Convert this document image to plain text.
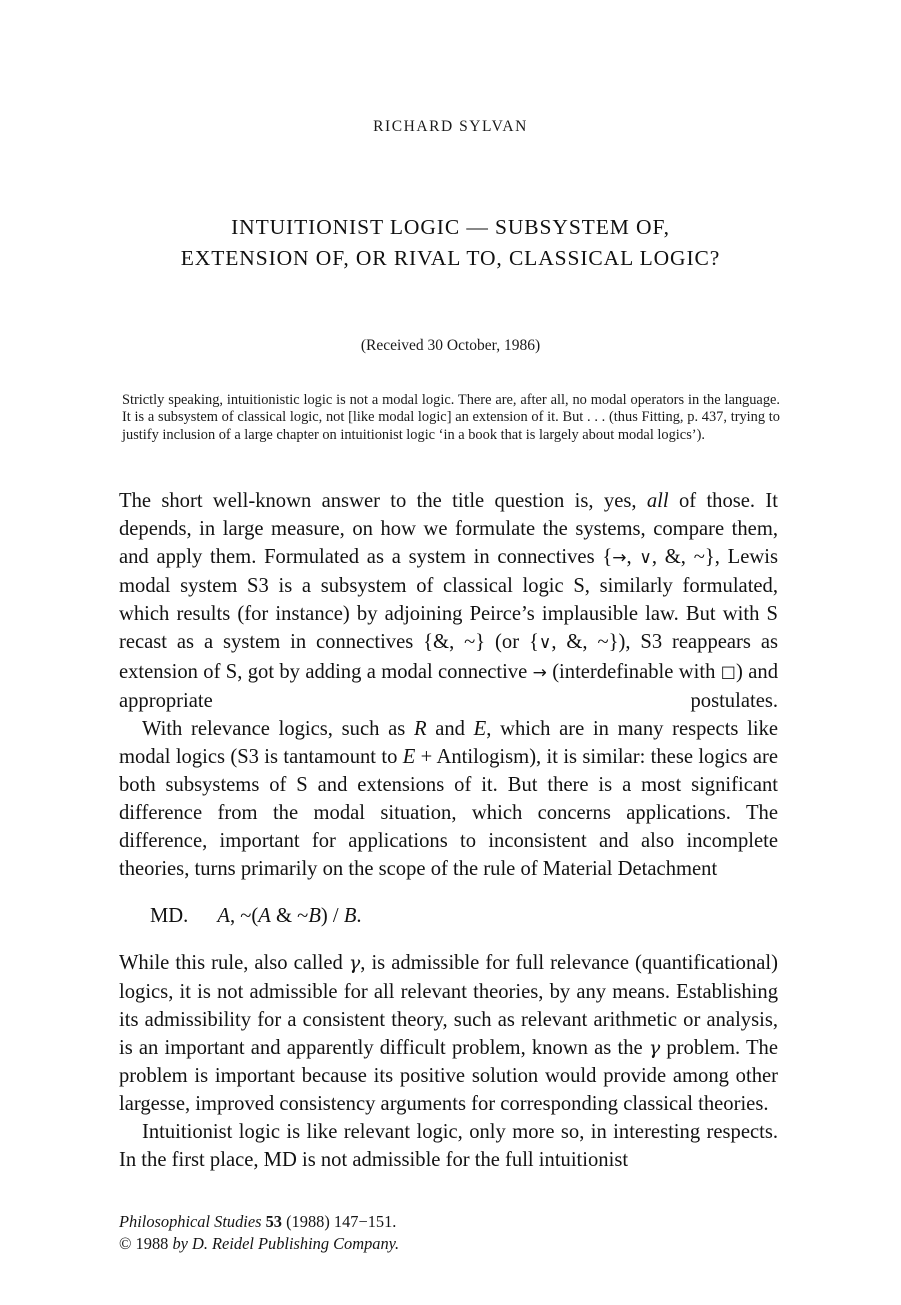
RICHARD SYLVAN
INTUITIONIST LOGIC — SUBSYSTEM OF,
EXTENSION OF, OR RIVAL TO, CLASSICAL LOGIC?
(Received 30 October, 1986)
Strictly speaking, intuitionistic logic is not a modal logic. There are, after all, no modal operators in the language. It is a subsystem of classical logic, not [like modal logic] an extension of it. But . . . (thus Fitting, p. 437, trying to justify inclusion of a large chapter on intuitionist logic ‘in a book that is largely about modal logics’).

The short well-known answer to the title question is, yes, all of those. It depends, in large measure, on how we formulate the systems, compare them, and apply them. Formulated as a system in connectives {→, ∨, &, ~}, Lewis modal system S3 is a subsystem of classical logic S, similarly formulated, which results (for instance) by adjoining Peirce’s implausible law. But with S recast as a system in connectives {&, ~} (or {∨, &, ~}), S3 reappears as extension of S, got by adding a modal connective → (interdefinable with □) and appropriate postulates.

With relevance logics, such as R and E, which are in many respects like modal logics (S3 is tantamount to E + Antilogism), it is similar: these logics are both subsystems of S and extensions of it. But there is a most significant difference from the modal situation, which concerns applications. The difference, important for applications to inconsistent and also incomplete theories, turns primarily on the scope of the rule of Material Detachment

MD. A, ~(A & ~B) / B.

While this rule, also called γ, is admissible for full relevance (quantificational) logics, it is not admissible for all relevant theories, by any means. Establishing its admissibility for a consistent theory, such as relevant arithmetic or analysis, is an important and apparently difficult problem, known as the γ problem. The problem is important because its positive solution would provide among other largesse, improved consistency arguments for corresponding classical theories.

Intuitionist logic is like relevant logic, only more so, in interesting respects. In the first place, MD is not admissible for the full intuitionist

Philosophical Studies 53 (1988) 147−151.
© 1988 by D. Reidel Publishing Company.
